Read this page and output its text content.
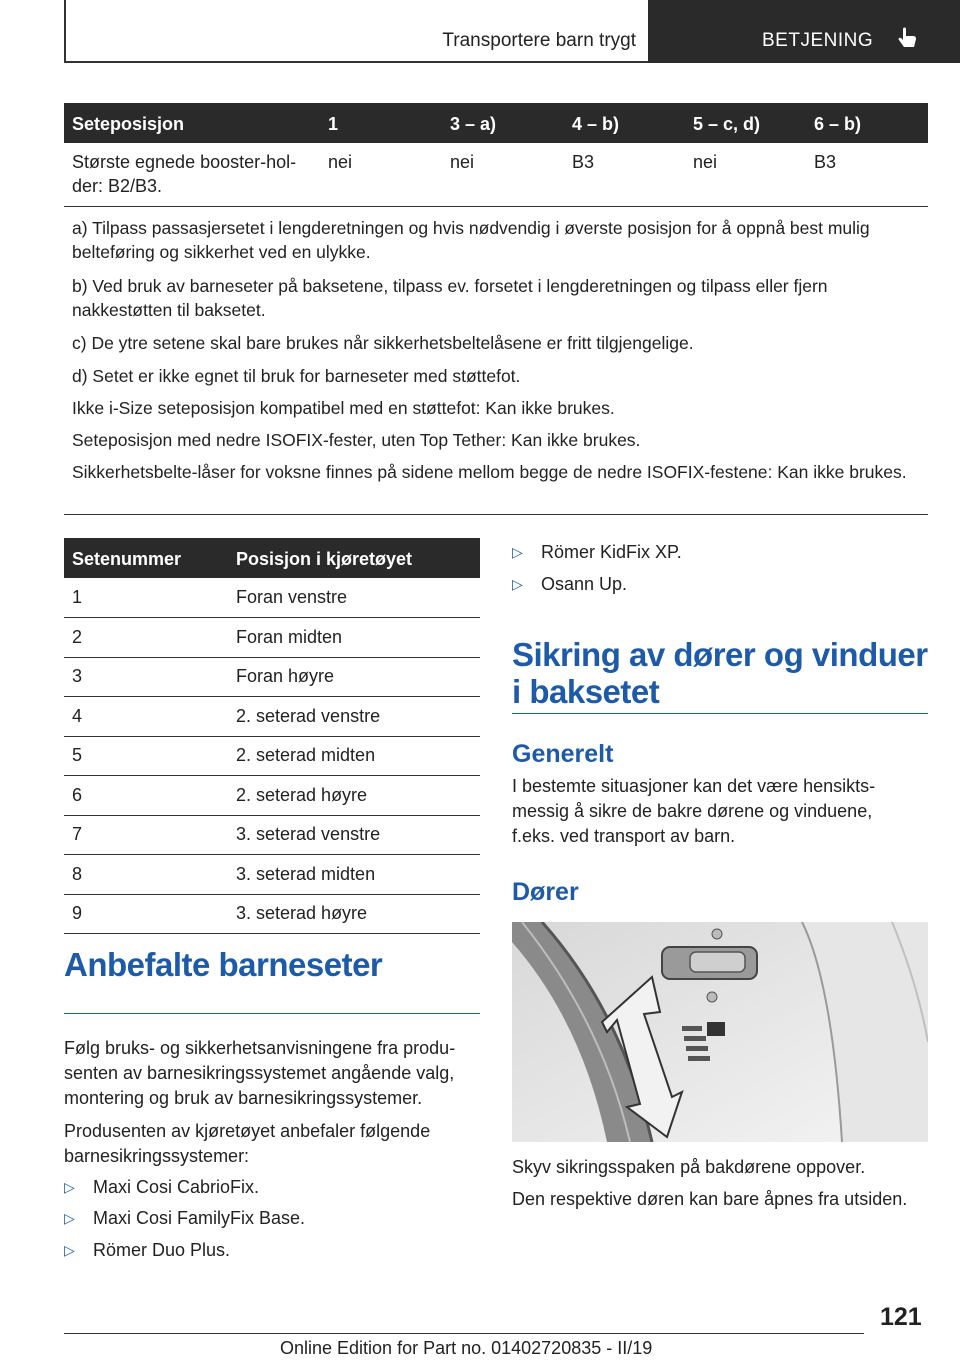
Transportere barn trygt	BETJENING
Seteposisjon	1	3 – a)	4 – b)	5 – c, d)	6 – b)
Største egnede booster-hol-
der: B2/B3.
nei	nei	B3	nei	B3
a) Tilpass passasjersetet i lengderetningen og hvis nødvendig i øverste posisjon for å oppnå best mulig belteføring og sikkerhet ved en ulykke.
b) Ved bruk av barneseter på baksetene, tilpass ev. forsetet i lengderetningen og tilpass eller fjern nakkestøtten til baksetet.
c) De ytre setene skal bare brukes når sikkerhetsbeltelåsene er fritt tilgjengelige.
d) Setet er ikke egnet til bruk for barneseter med støttefot.
Ikke i-Size seteposisjon kompatibel med en støttefot: Kan ikke brukes.
Seteposisjon med nedre ISOFIX-fester, uten Top Tether: Kan ikke brukes.
Sikkerhetsbelte-låser for voksne finnes på sidene mellom begge de nedre ISOFIX-festene: Kan ikke brukes.
Setenummer	Posisjon i kjøretøyet
1	Foran venstre
2	Foran midten
3	Foran høyre
4	2. seterad venstre
5	2. seterad midten
6	2. seterad høyre
7	3. seterad venstre
8	3. seterad midten
9	3. seterad høyre
Anbefalte barneseter
Følg bruks- og sikkerhetsanvisningene fra produ-senten av barnesikringssystemet angående valg, montering og bruk av barnesikringssystemer.
Produsenten av kjøretøyet anbefaler følgende barnesikringssystemer:
▷ Maxi Cosi CabrioFix.
▷ Maxi Cosi FamilyFix Base.
▷ Römer Duo Plus.
▷ Römer KidFix XP.
▷ Osann Up.
Sikring av dører og vinduer
i baksetet
Generelt
I bestemte situasjoner kan det være hensikts-messig å sikre de bakre dørene og vinduene, f.eks. ved transport av barn.
Dører
Skyv sikringsspaken på bakdørene oppover.
Den respektive døren kan bare åpnes fra utsiden.
121
Online Edition for Part no. 01402720835 - II/19
